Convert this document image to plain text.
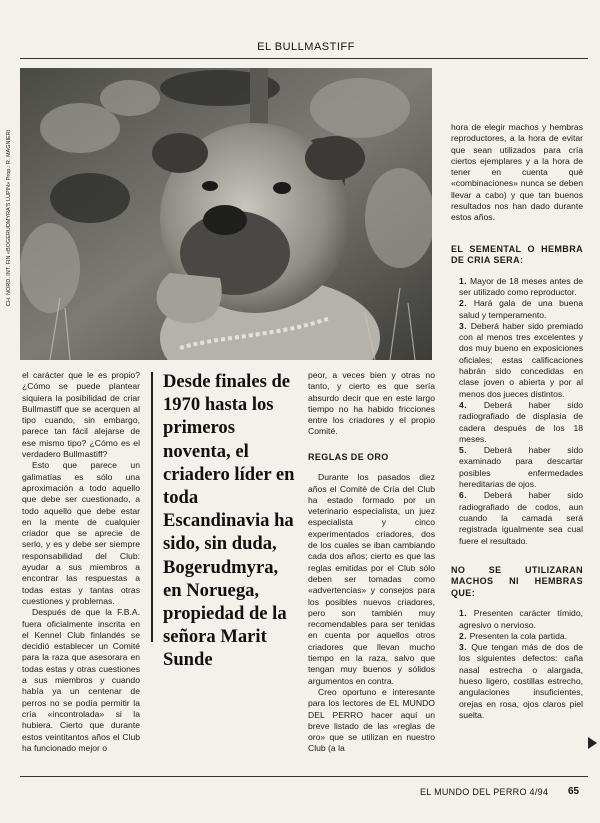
EL BULLMASTIFF
CH. NORD. INT. FIN «BOGERUDMYRA'S LUPIN» Prop.: R. MAGNIERI

el carácter que le es propio? ¿Cómo se puede plantear siquiera la posibilidad de criar Bullmastiff que se acerquen al tipo cuando, sin embargo, parece tan fácil alejarse de ese mismo tipo? ¿Cómo es el verdadero Bullmastiff?

Esto que parece un galimatías es sólo una aproximación a todo aquello que debe ser cuestionado, a todo aquello que debe estar en la mente de cualquier criador que se aprecie de serlo, y es y debe ser siempre responsabilidad del Club: ayudar a sus miembros a encontrar las respuestas a todas estas y tantas otras cuestiones y problemas.

Después de que la F.B.A. fuera oficialmente inscrita en el Kennel Club finlandés se decidió establecer un Comité para la raza que asesorara en todas estas y otras cuestiones a sus miembros y cuando había ya un centenar de perros no se podía permitir la cría «incontrolada» si la hubiera. Cierto que durante estos veintitantos años el Club ha funcionado mejor o

Desde finales de 1970 hasta los primeros noventa, el criadero líder en toda Escandinavia ha sido, sin duda, Bogerudmyra, en Noruega, propiedad de la señora Marit Sunde

peor, a veces bien y otras no tanto, y cierto es que sería absurdo decir que en este largo tiempo no ha habido fricciones entre los criadores y el propio Comité.

REGLAS DE ORO

Durante los pasados diez años el Comité de Cría del Club ha estado formado por un veterinario especialista, un juez especialista y cinco experimentados criadores, dos de los cuales se iban cambiando cada dos años; cierto es que las reglas emitidas por el Club sólo deben ser tomadas como «advertencias» y consejos para los posibles nuevos criadores, pero son también muy recomendables para ser tenidas en cuenta por aquellos otros criadores que llevan mucho tiempo en la raza, salvo que tengan muy buenos y sólidos argumentos en contra.

Creo oportuno e interesante para los lectores de EL MUNDO DEL PERRO hacer aquí un breve listado de las «reglas de oro» que se utilizan en nuestro Club (a la

hora de elegir machos y hembras reproductores, a la hora de evitar que sean utilizados para cría ciertos ejemplares y a la hora de tener en cuenta qué «combinaciones» nunca se deben llevar a cabo) y que tan buenos resultados nos han dado durante estos años.

EL SEMENTAL O HEMBRA DE CRIA SERA:

1. Mayor de 18 meses antes de ser utilizado como reproductor.

2. Hará gala de una buena salud y temperamento.

3. Deberá haber sido premiado con al menos tres excelentes y dos muy bueno en exposiciones oficiales; estas calificaciones habrán sido concedidas en clase joven o abierta y por al menos dos jueces distintos.

4. Deberá haber sido radiografiado de displasia de cadera después de los 18 meses.

5. Deberá haber sido examinado para descartar posibles enfermedades hereditarias de ojos.

6. Deberá haber sido radiografiado de codos, aun cuando la camada será registrada igualmente sea cual fuere el resultado.

NO SE UTILIZARAN MACHOS NI HEMBRAS QUE:

1. Presenten carácter tímido, agresivo o nervioso.

2. Presenten la cola partida.

3. Que tengan más de dos de los siguientes defectos: caña nasal estrecha o alargada, hueso ligero, costillas estrecho, angulaciones insuficientes, orejas en rosa, ojos claros piel suelta.

EL MUNDO DEL PERRO 4/94 65
